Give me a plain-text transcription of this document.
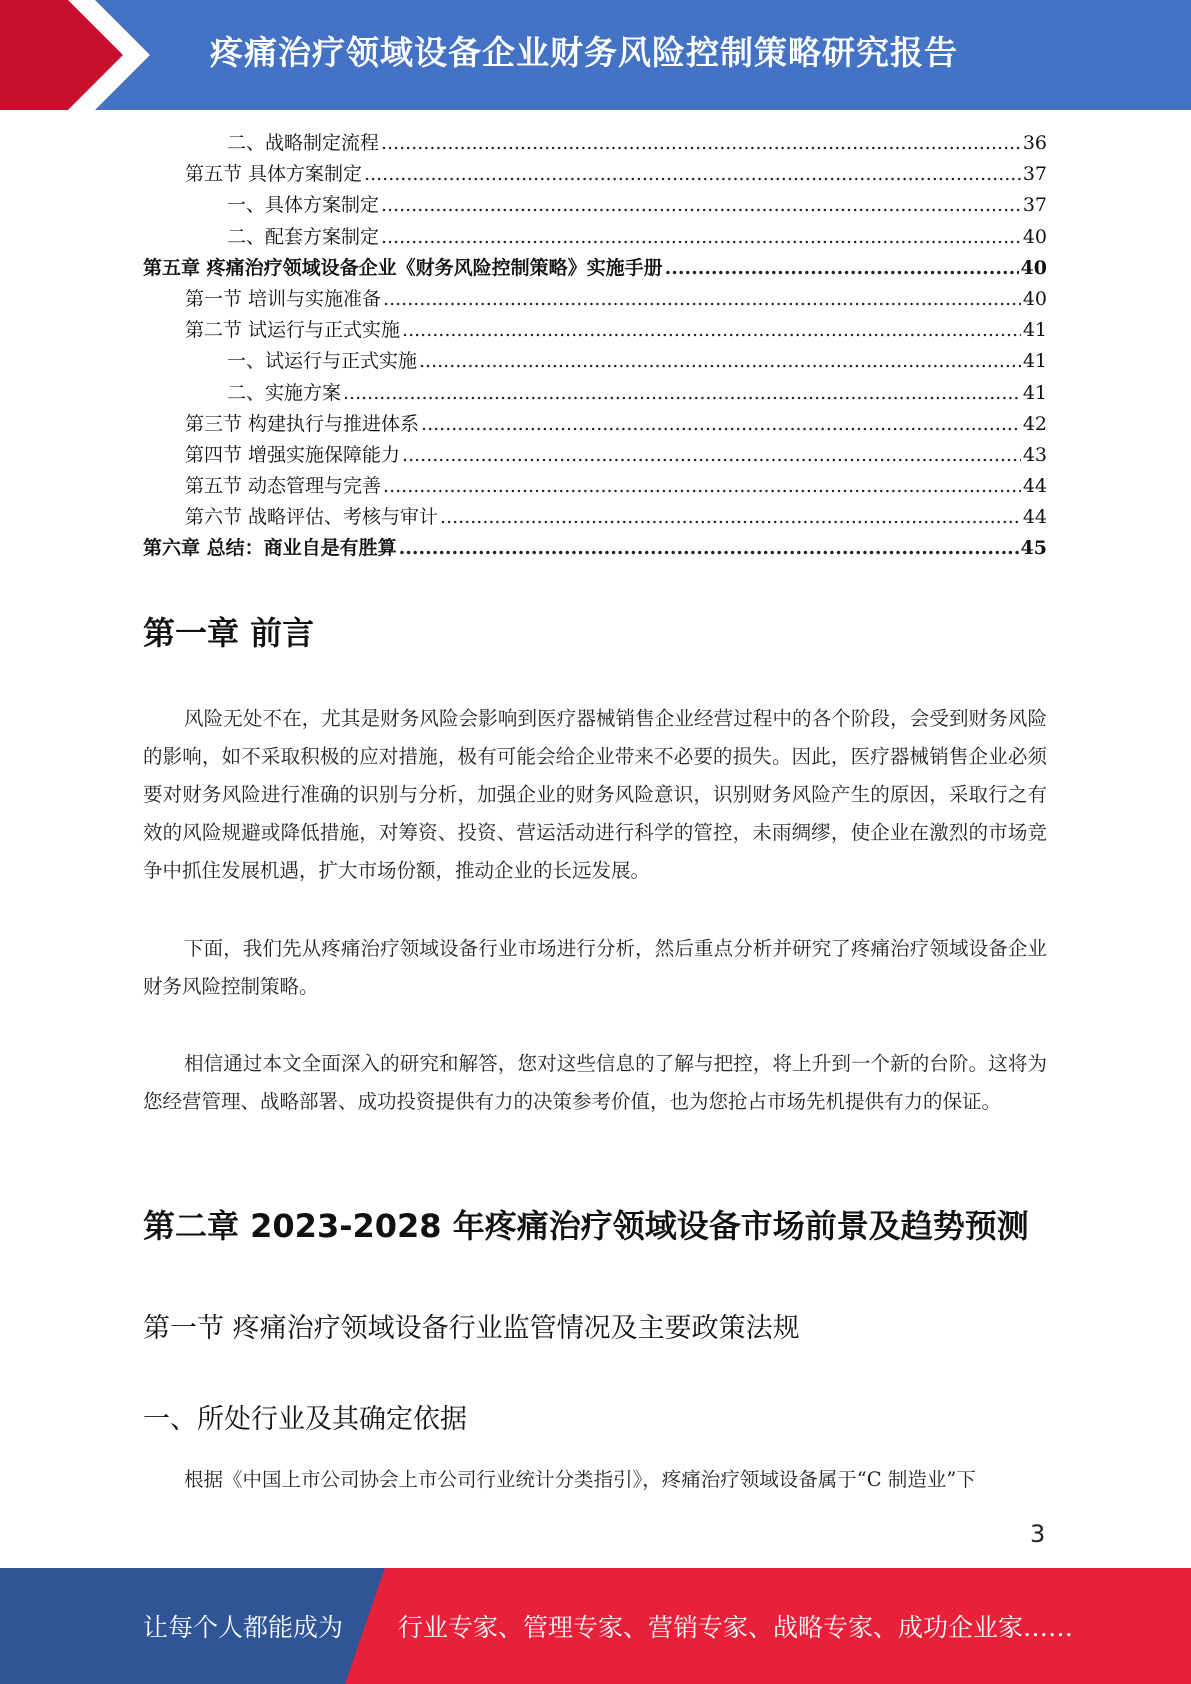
疼痛治疗领域设备企业财务风险控制策略研究报告
二、战略制定流程 .....	36
第五节 具体方案制定 .....	37
一、具体方案制定 .....	37
二、配套方案制定 .....	40
第五章 疼痛治疗领域设备企业《财务风险控制策略》实施手册 .....	40
第一节 培训与实施准备 .....	40
第二节 试运行与正式实施 .....	41
一、试运行与正式实施 .....	41
二、实施方案 .....	41
第三节 构建执行与推进体系 .....	42
第四节 增强实施保障能力 .....	43
第五节 动态管理与完善 .....	44
第六节 战略评估、考核与审计 .....	44
第六章 总结：商业自是有胜算 .....	45
第一章 前言

风险无处不在，尤其是财务风险会影响到医疗器械销售企业经营过程中的各个阶段，会受到财务风险的影响，如不采取积极的应对措施，极有可能会给企业带来不必要的损失。因此，医疗器械销售企业必须要对财务风险进行准确的识别与分析，加强企业的财务风险意识，识别财务风险产生的原因，采取行之有效的风险规避或降低措施，对筹资、投资、营运活动进行科学的管控，未雨绸缪，使企业在激烈的市场竞争中抓住发展机遇，扩大市场份额，推动企业的长远发展。

下面，我们先从疼痛治疗领域设备行业市场进行分析，然后重点分析并研究了疼痛治疗领域设备企业财务风险控制策略。

相信通过本文全面深入的研究和解答，您对这些信息的了解与把控，将上升到一个新的台阶。这将为您经营管理、战略部署、成功投资提供有力的决策参考价值，也为您抢占市场先机提供有力的保证。

第二章 2023-2028 年疼痛治疗领域设备市场前景及趋势预测
第一节 疼痛治疗领域设备行业监管情况及主要政策法规
一、所处行业及其确定依据

根据《中国上市公司协会上市公司行业统计分类指引》，疼痛治疗领域设备属于“C 制造业”下

3
让每个人都能成为 行业专家、管理专家、营销专家、战略专家、成功企业家……
